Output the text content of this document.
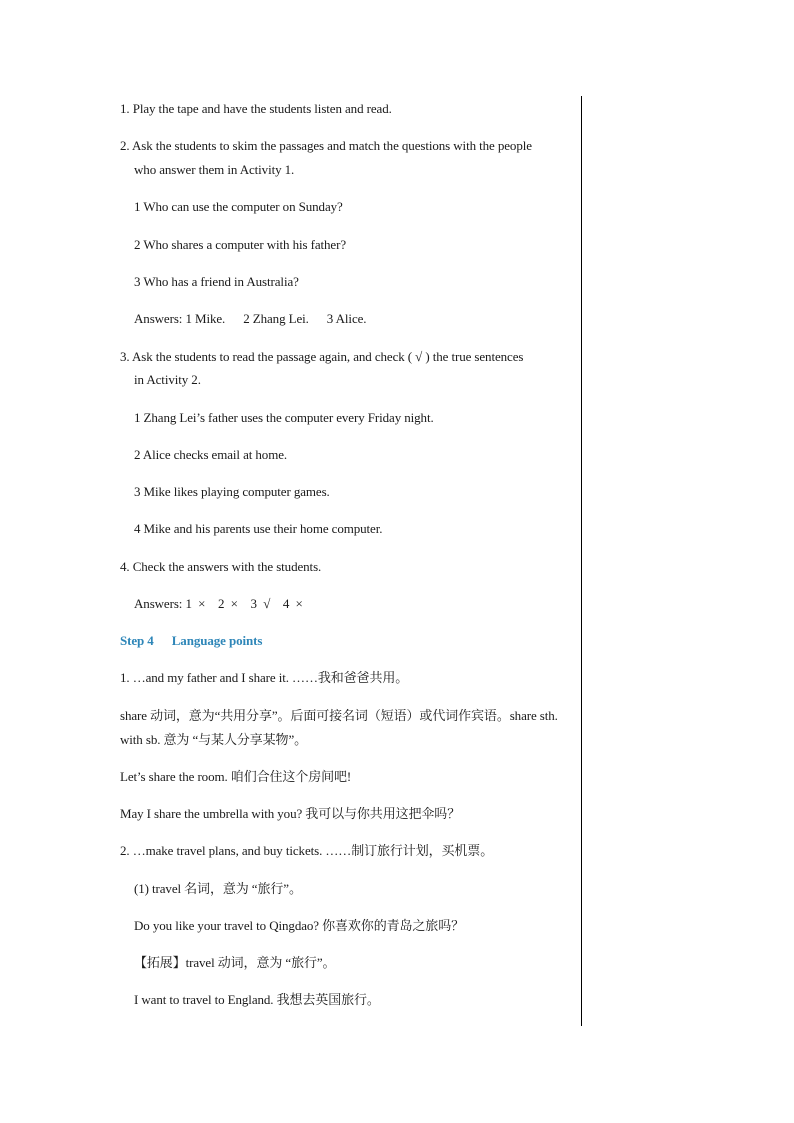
1. Play the tape and have the students listen and read.
2. Ask the students to skim the passages and match the questions with the people
who answer them in Activity 1.
1 Who can use the computer on Sunday?
2 Who shares a computer with his father?
3 Who has a friend in Australia?
Answers: 1 Mike. 2 Zhang Lei. 3 Alice.
3. Ask the students to read the passage again, and check ( √ ) the true sentences
in Activity 2.
1 Zhang Lei’s father uses the computer every Friday night.
2 Alice checks email at home.
3 Mike likes playing computer games.
4 Mike and his parents use their home computer.
4. Check the answers with the students.
Answers: 1  ×    2  ×    3  √    4  ×
Step 4 Language points
1. …and my father and I share it. ……我和爸爸共用。
share 动词，意为“共用分享”。后面可接名词（短语）或代词作宾语。share sth.
with sb. 意为 “与某人分享某物”。
Let’s share the room. 咱们合住这个房间吧!
May I share the umbrella with you? 我可以与你共用这把伞吗？
2. …make travel plans, and buy tickets. ……制订旅行计划，买机票。
(1) travel 名词，意为 “旅行”。
Do you like your travel to Qingdao? 你喜欢你的青岛之旅吗？
【拓展】travel 动词，意为 “旅行”。
I want to travel to England. 我想去英国旅行。
